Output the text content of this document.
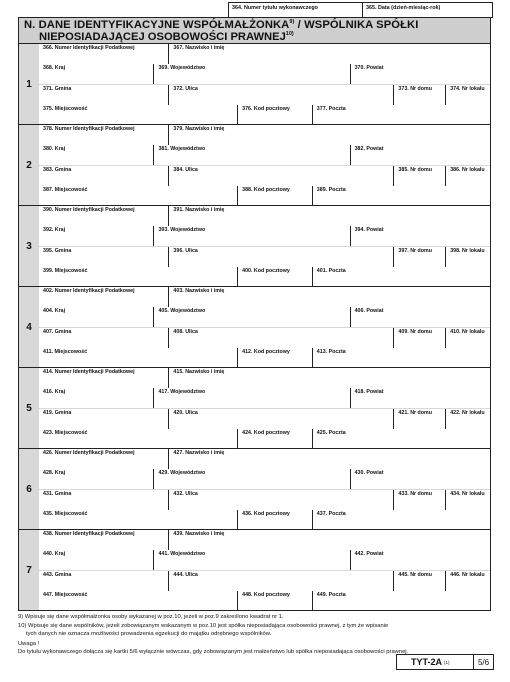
364. Numer tytułu wykonawczego	365. Data (dzień-miesiąc-rok)
N. DANE IDENTYFIKACYJNE WSPÓŁMAŁŻONKA$^{9)}$ / WSPÓLNIKA SPÓŁKI
NIEPOSIADAJĄCEJ OSOBOWOŚCI PRAWNEJ$^{10)}$
1
366. Numer Identyfikacji Podatkowej	367. Nazwisko i imię
368. Kraj	369. Województwo	370. Powiat
371. Gmina	372. Ulica	373. Nr domu	374. Nr lokalu
375. Miejscowość	376. Kod pocztowy	377. Poczta
2
378. Numer Identyfikacji Podatkowej	379. Nazwisko i imię
380. Kraj	381. Województwo	382. Powiat
383. Gmina	384. Ulica	385. Nr domu	386. Nr lokalu
387. Miejscowość	388. Kod pocztowy	389. Poczta
3
390. Numer Identyfikacji Podatkowej	391. Nazwisko i imię
392. Kraj	393. Województwo	394. Powiat
395. Gmina	396. Ulica	397. Nr domu	398. Nr lokalu
399. Miejscowość	400. Kod pocztowy	401. Poczta
4
402. Numer Identyfikacji Podatkowej	403. Nazwisko i imię
404. Kraj	405. Województwo	406. Powiat
407. Gmina	408. Ulica	409. Nr domu	410. Nr lokalu
411. Miejscowość	412. Kod pocztowy	413. Poczta
5
414. Numer Identyfikacji Podatkowej	415. Nazwisko i imię
416. Kraj	417. Województwo	418. Powiat
419. Gmina	420. Ulica	421. Nr domu	422. Nr lokalu
423. Miejscowość	424. Kod pocztowy	425. Poczta
6
426. Numer Identyfikacji Podatkowej	427. Nazwisko i imię
428. Kraj	429. Województwo	430. Powiat
431. Gmina	432. Ulica	433. Nr domu	434. Nr lokalu
435. Miejscowość	436. Kod pocztowy	437. Poczta
7
438. Numer Identyfikacji Podatkowej	439. Nazwisko i imię
440. Kraj	441. Województwo	442. Powiat
443. Gmina	444. Ulica	445. Nr domu	446. Nr lokalu
447. Miejscowość	448. Kod pocztowy	449. Poczta

9) Wpisuje się dane współmałżonka osoby wykazanej w poz.10, jeżeli w poz.9 zakreślono kwadrat nr 1.

10) Wpisuje się dane wspólników, jeżeli zobowiązanym wskazanym w poz.10 jest spółka nieposiadająca osobowości prawnej, z tym że wpisanie
tych danych nie oznacza możliwości prowadzenia egzekucji do majątku odrębnego wspólników.

Uwaga !
Do tytułu wykonawczego dołącza się kartki 5/6 wyłącznie wówczas, gdy zobowiązanym jest małżeństwo lub spółka nieposiadająca osobowości prawnej.

TYT-2A (1)	5/6
